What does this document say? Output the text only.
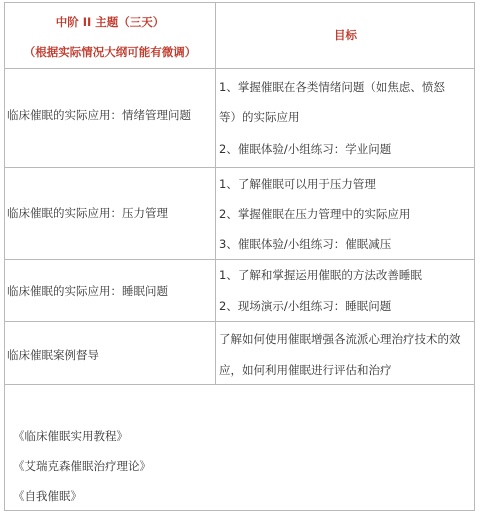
中阶 II 主题（三天）
（根据实际情况大纲可能有微调）
目标
临床催眠的实际应用：情绪管理问题
1、掌握催眠在各类情绪问题（如焦虑、愤怒
等）的实际应用
2、催眠体验/小组练习：学业问题
临床催眠的实际应用：压力管理
1、了解催眠可以用于压力管理
2、掌握催眠在压力管理中的实际应用
3、催眠体验/小组练习：催眠减压
临床催眠的实际应用：睡眠问题
1、了解和掌握运用催眠的方法改善睡眠
2、现场演示/小组练习：睡眠问题
临床催眠案例督导
了解如何使用催眠增强各流派心理治疗技术的效
应，如何利用催眠进行评估和治疗
《临床催眠实用教程》
《艾瑞克森催眠治疗理论》
《自我催眠》
